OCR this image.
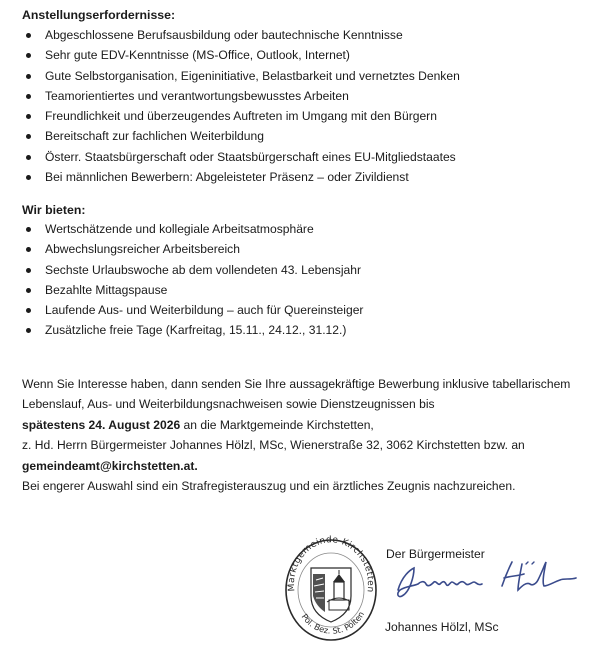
Anstellungserfordernisse:
Abgeschlossene Berufsausbildung oder bautechnische Kenntnisse
Sehr gute EDV-Kenntnisse (MS-Office, Outlook, Internet)
Gute Selbstorganisation, Eigeninitiative, Belastbarkeit und vernetztes Denken
Teamorientiertes und verantwortungsbewusstes Arbeiten
Freundlichkeit und überzeugendes Auftreten im Umgang mit den Bürgern
Bereitschaft zur fachlichen Weiterbildung
Österr. Staatsbürgerschaft oder Staatsbürgerschaft eines EU-Mitgliedstaates
Bei männlichen Bewerbern: Abgeleisteter Präsenz – oder Zivildienst
Wir bieten:
Wertschätzende und kollegiale Arbeitsatmosphäre
Abwechslungsreicher Arbeitsbereich
Sechste Urlaubswoche ab dem vollendeten 43. Lebensjahr
Bezahlte Mittagspause
Laufende Aus- und Weiterbildung – auch für Quereinsteiger
Zusätzliche freie Tage (Karfreitag, 15.11., 24.12., 31.12.)
Wenn Sie Interesse haben, dann senden Sie Ihre aussagekräftige Bewerbung inklusive tabellarischem
Lebenslauf, Aus- und Weiterbildungsnachweisen sowie Dienstzeugnissen bis
spätestens 24. August 2026 an die Marktgemeinde Kirchstetten,
z. Hd. Herrn Bürgermeister Johannes Hölzl, MSc, Wienerstraße 32, 3062 Kirchstetten bzw. an
gemeindeamt@kirchstetten.at.
Bei engerer Auswahl sind ein Strafregisterauszug und ein ärztliches Zeugnis nachzureichen.
Marktgemeinde Kirchstetten
Pol. Bez. St. Pölten
Der Bürgermeister
Johannes Hölzl, MSc
